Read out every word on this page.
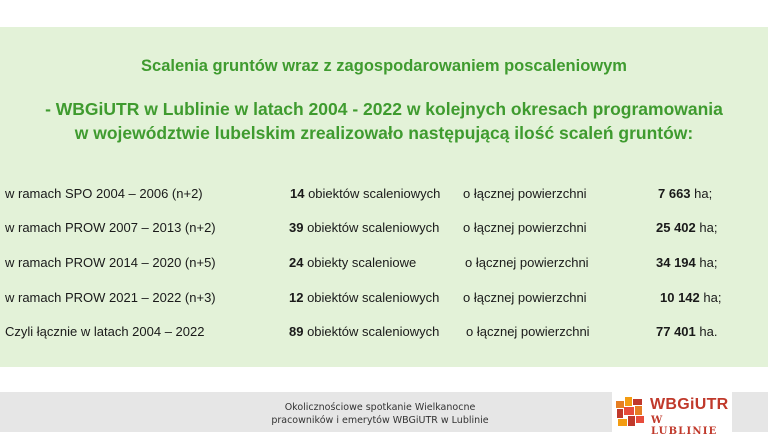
Scalenia gruntów wraz z zagospodarowaniem poscaleniowym
- WBGiUTR w Lublinie w latach 2004 - 2022 w kolejnych okresach programowania
w województwie lubelskim zrealizowało następującą ilość scaleń gruntów:
w ramach SPO 2004 – 2006 (n+2)	14 obiektów scaleniowych o łącznej powierzchni	7 663 ha;
w ramach PROW 2007 – 2013 (n+2)	39 obiektów scaleniowych o łącznej powierzchni	25 402 ha;
w ramach PROW 2014 – 2020 (n+5)	24 obiekty scaleniowe	o łącznej powierzchni	34 194 ha;
w ramach PROW 2021 – 2022 (n+3)	12 obiektów scaleniowych o łącznej powierzchni	10 142 ha;
Czyli łącznie w latach 2004 – 2022	89 obiektów scaleniowych o łącznej powierzchni	77 401 ha.
Okolicznościowe spotkanie Wielkanocne
pracowników i emerytów WBGiUTR w Lublinie
WBGiUTR
W LUBLINIE
